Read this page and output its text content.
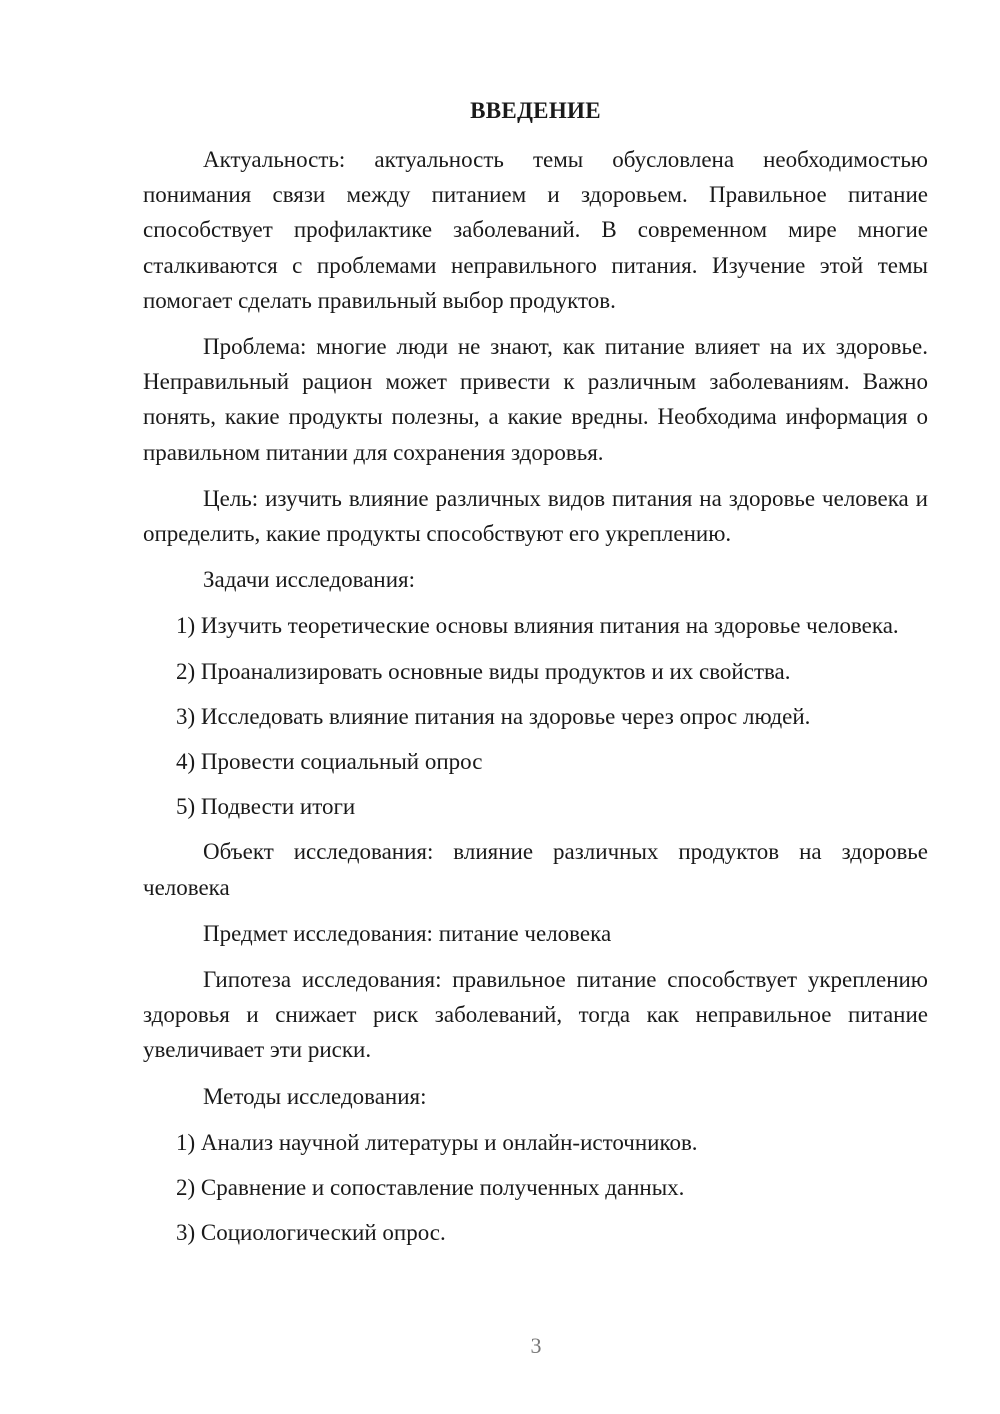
ВВЕДЕНИЕ

Актуальность: актуальность темы обусловлена необходимостью понимания связи между питанием и здоровьем. Правильное питание способствует профилактике заболеваний. В современном мире многие сталкиваются с проблемами неправильного питания. Изучение этой темы помогает сделать правильный выбор продуктов.

Проблема: многие люди не знают, как питание влияет на их здоровье. Неправильный рацион может привести к различным заболеваниям. Важно понять, какие продукты полезны, а какие вредны. Необходима информация о правильном питании для сохранения здоровья.

Цель: изучить влияние различных видов питания на здоровье человека и определить, какие продукты способствуют его укреплению.

Задачи исследования:

1) Изучить теоретические основы влияния питания на здоровье человека.

2) Проанализировать основные виды продуктов и их свойства.

3) Исследовать влияние питания на здоровье через опрос людей.

4) Провести социальный опрос

5) Подвести итоги

Объект исследования: влияние различных продуктов на здоровье человека

Предмет исследования: питание человека

Гипотеза исследования: правильное питание способствует укреплению здоровья и снижает риск заболеваний, тогда как неправильное питание увеличивает эти риски.

Методы исследования:

1) Анализ научной литературы и онлайн-источников.

2) Сравнение и сопоставление полученных данных.

3) Социологический опрос.

3
